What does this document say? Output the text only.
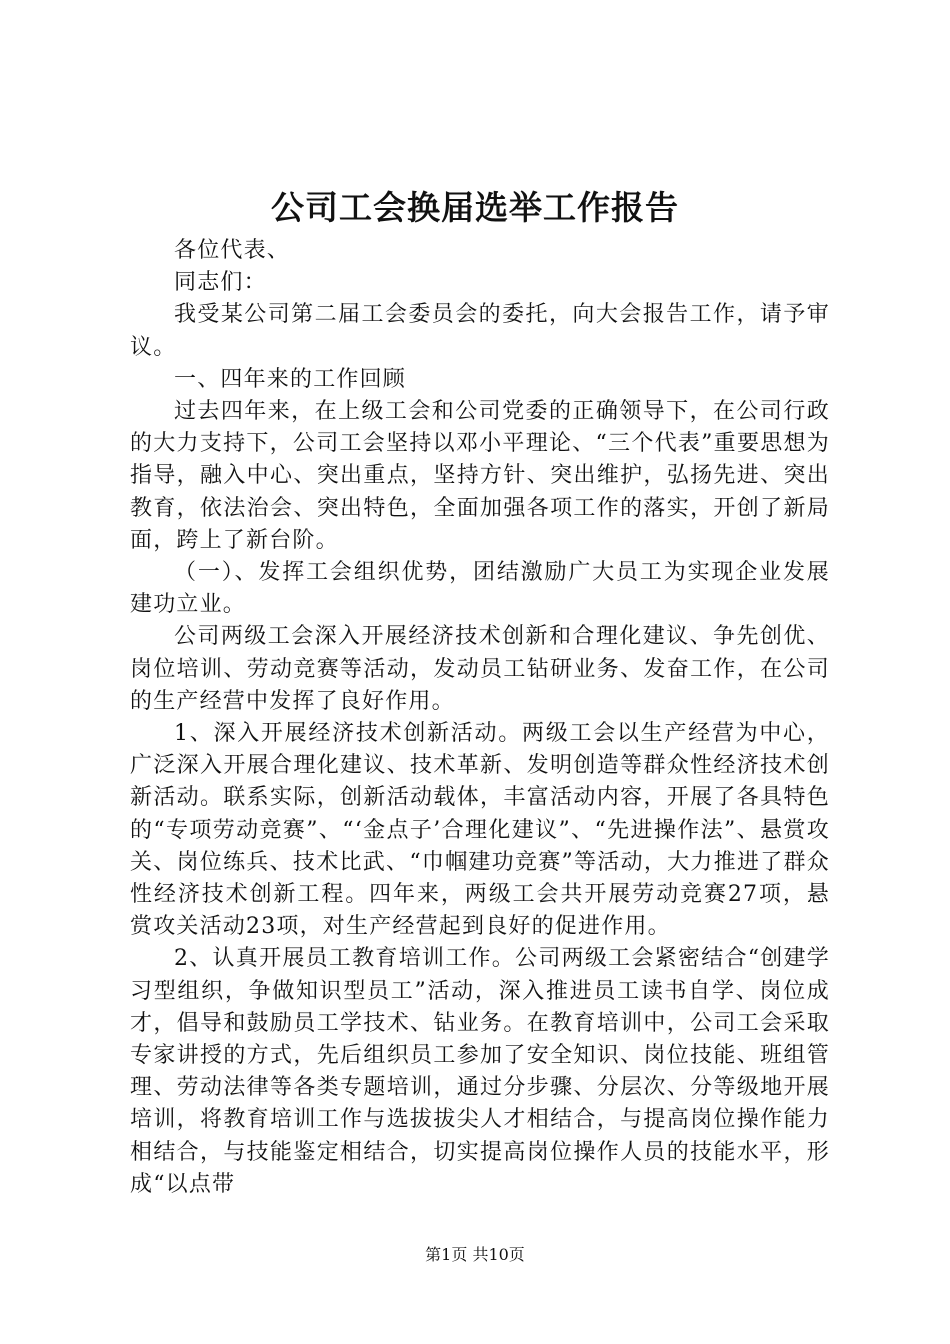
公司工会换届选举工作报告

各位代表、

同志们：

我受某公司第二届工会委员会的委托，向大会报告工作，请予审议。

一、四年来的工作回顾

过去四年来，在上级工会和公司党委的正确领导下，在公司行政的大力支持下，公司工会坚持以邓小平理论、“三个代表”重要思想为指导，融入中心、突出重点，坚持方针、突出维护，弘扬先进、突出教育，依法治会、突出特色，全面加强各项工作的落实，开创了新局面，跨上了新台阶。

（一）、发挥工会组织优势，团结激励广大员工为实现企业发展建功立业。

公司两级工会深入开展经济技术创新和合理化建议、争先创优、岗位培训、劳动竞赛等活动，发动员工钻研业务、发奋工作，在公司的生产经营中发挥了良好作用。

1、深入开展经济技术创新活动。两级工会以生产经营为中心，广泛深入开展合理化建议、技术革新、发明创造等群众性经济技术创新活动。联系实际，创新活动载体，丰富活动内容，开展了各具特色的“专项劳动竞赛”、“‘金点子’合理化建议”、“先进操作法”、悬赏攻关、岗位练兵、技术比武、“巾帼建功竞赛”等活动，大力推进了群众性经济技术创新工程。四年来，两级工会共开展劳动竞赛27项，悬赏攻关活动23项，对生产经营起到良好的促进作用。

2、认真开展员工教育培训工作。公司两级工会紧密结合“创建学习型组织，争做知识型员工”活动，深入推进员工读书自学、岗位成才，倡导和鼓励员工学技术、钻业务。在教育培训中，公司工会采取专家讲授的方式，先后组织员工参加了安全知识、岗位技能、班组管理、劳动法律等各类专题培训，通过分步骤、分层次、分等级地开展培训，将教育培训工作与选拔拔尖人才相结合，与提高岗位操作能力相结合，与技能鉴定相结合，切实提高岗位操作人员的技能水平，形成“以点带

第1页 共10页
